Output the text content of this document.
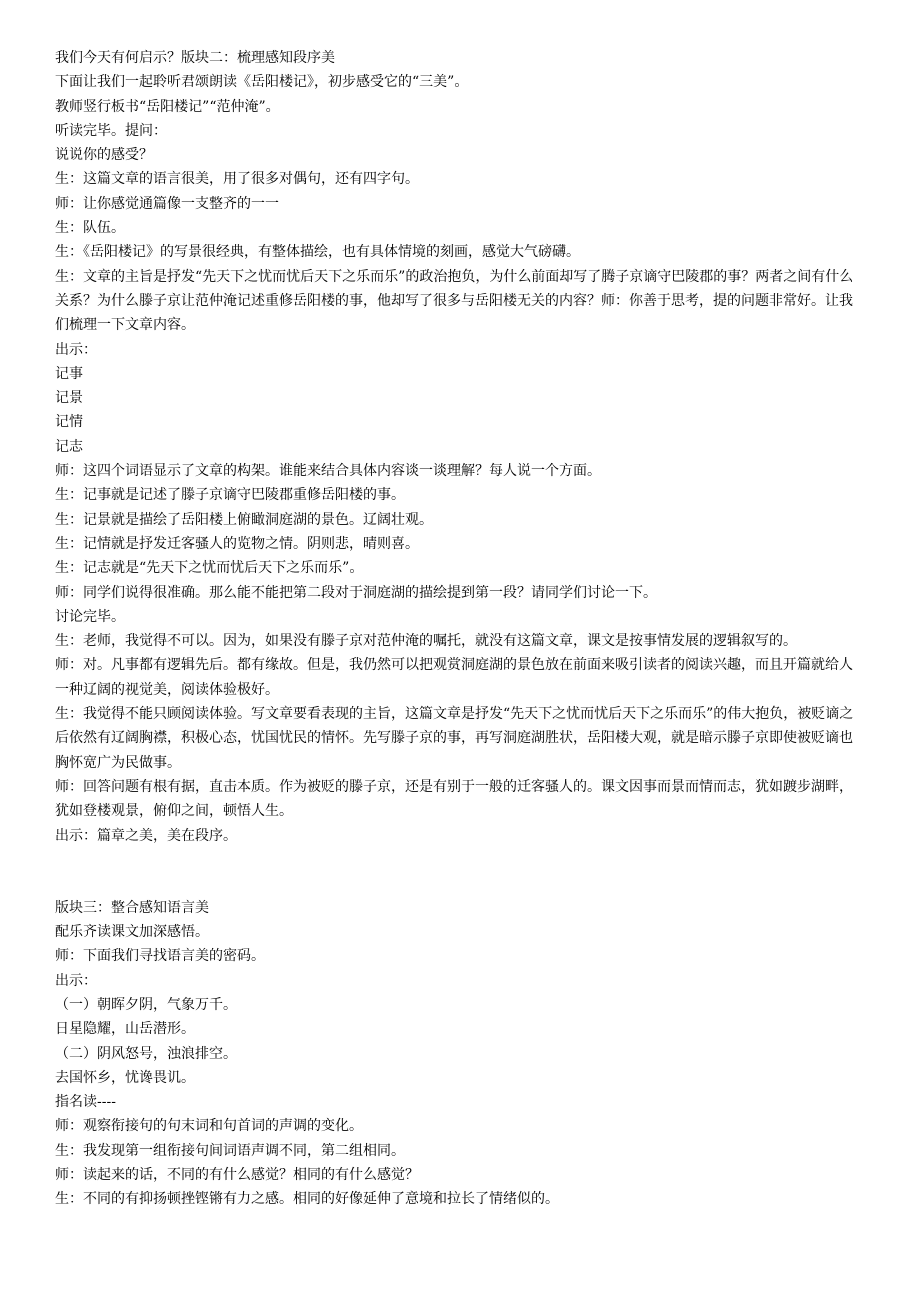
我们今天有何启示？版块二：梳理感知段序美

下面让我们一起聆听君颂朗读《岳阳楼记》，初步感受它的“三美”。

教师竖行板书“岳阳楼记”“范仲淹”。

听读完毕。提问：

说说你的感受？

生：这篇文章的语言很美，用了很多对偶句，还有四字句。

师：让你感觉通篇像一支整齐的一一

生：队伍。

生：《岳阳楼记》的写景很经典，有整体描绘，也有具体情境的刻画，感觉大气磅礴。

生：文章的主旨是抒发“先天下之忧而忧后天下之乐而乐”的政治抱负，为什么前面却写了腾子京谪守巴陵郡的事？两者之间有什么关系？为什么滕子京让范仲淹记述重修岳阳楼的事，他却写了很多与岳阳楼无关的内容？师：你善于思考，提的问题非常好。让我们梳理一下文章内容。

出示：

记事

记景

记情

记志

师：这四个词语显示了文章的构架。谁能来结合具体内容谈一谈理解？每人说一个方面。

生：记事就是记述了滕子京谪守巴陵郡重修岳阳楼的事。

生：记景就是描绘了岳阳楼上俯瞰洞庭湖的景色。辽阔壮观。

生：记情就是抒发迁客骚人的览物之情。阴则悲，晴则喜。

生：记志就是“先天下之忧而忧后天下之乐而乐”。

师：同学们说得很准确。那么能不能把第二段对于洞庭湖的描绘提到第一段？请同学们讨论一下。

讨论完毕。

生：老师，我觉得不可以。因为，如果没有滕子京对范仲淹的嘱托，就没有这篇文章，课文是按事情发展的逻辑叙写的。

师：对。凡事都有逻辑先后。都有缘故。但是，我仍然可以把观赏洞庭湖的景色放在前面来吸引读者的阅读兴趣，而且开篇就给人一种辽阔的视觉美，阅读体验极好。

生：我觉得不能只顾阅读体验。写文章要看表现的主旨，这篇文章是抒发“先天下之忧而忧后天下之乐而乐”的伟大抱负，被贬谪之后依然有辽阔胸襟，积极心态，忧国忧民的情怀。先写滕子京的事，再写洞庭湖胜状，岳阳楼大观，就是暗示滕子京即使被贬谪也胸怀宽广为民做事。

师：回答问题有根有据，直击本质。作为被贬的滕子京，还是有别于一般的迁客骚人的。课文因事而景而情而志，犹如踱步湖畔，犹如登楼观景，俯仰之间，顿悟人生。

出示：篇章之美，美在段序。

版块三：整合感知语言美

配乐齐读课文加深感悟。

师：下面我们寻找语言美的密码。

出示：

（一）朝晖夕阴，气象万千。

日星隐耀，山岳潜形。

（二）阴风怒号，浊浪排空。

去国怀乡，忧谗畏讥。

指名读----

师：观察衔接句的句末词和句首词的声调的变化。

生：我发现第一组衔接句间词语声调不同，第二组相同。

师：读起来的话，不同的有什么感觉？相同的有什么感觉？

生：不同的有抑扬顿挫铿锵有力之感。相同的好像延伸了意境和拉长了情绪似的。
